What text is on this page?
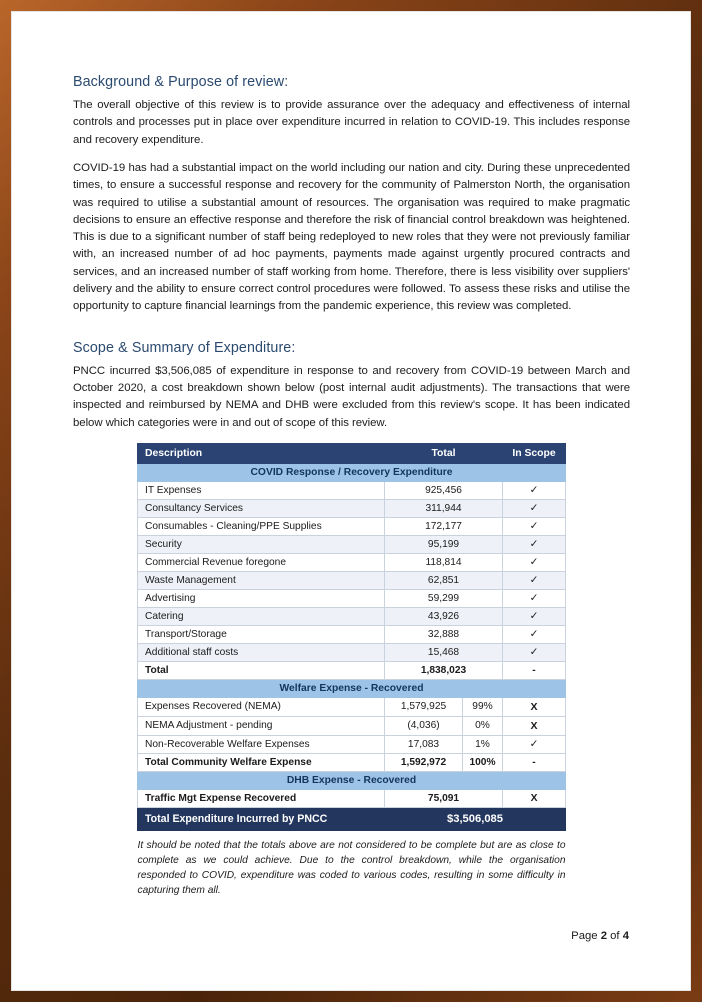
Background & Purpose of review:

The overall objective of this review is to provide assurance over the adequacy and effectiveness of internal controls and processes put in place over expenditure incurred in relation to COVID-19. This includes response and recovery expenditure.

COVID-19 has had a substantial impact on the world including our nation and city. During these unprecedented times, to ensure a successful response and recovery for the community of Palmerston North, the organisation was required to utilise a substantial amount of resources. The organisation was required to make pragmatic decisions to ensure an effective response and therefore the risk of financial control breakdown was heightened. This is due to a significant number of staff being redeployed to new roles that they were not previously familiar with, an increased number of ad hoc payments, payments made against urgently procured contracts and services, and an increased number of staff working from home. Therefore, there is less visibility over suppliers' delivery and the ability to ensure correct control procedures were followed. To assess these risks and utilise the opportunity to capture financial learnings from the pandemic experience, this review was completed.

Scope & Summary of Expenditure:

PNCC incurred $3,506,085 of expenditure in response to and recovery from COVID-19 between March and October 2020, a cost breakdown shown below (post internal audit adjustments). The transactions that were inspected and reimbursed by NEMA and DHB were excluded from this review's scope. It has been indicated below which categories were in and out of scope of this review.

Description	Total		In Scope
COVID Response / Recovery Expenditure			
IT Expenses	925,456		✓
Consultancy Services	311,944		✓
Consumables - Cleaning/PPE Supplies	172,177		✓
Security	95,199		✓
Commercial Revenue foregone	118,814		✓
Waste Management	62,851		✓
Advertising	59,299		✓
Catering	43,926		✓
Transport/Storage	32,888		✓
Additional staff costs	15,468		✓
Total	1,838,023		-
Welfare Expense - Recovered			
Expenses Recovered (NEMA)	1,579,925	99%	X
NEMA Adjustment - pending	(4,036)	0%	X
Non-Recoverable Welfare Expenses	17,083	1%	✓
Total Community Welfare Expense	1,592,972	100%	-
DHB Expense - Recovered			
Traffic Mgt Expense Recovered	75,091		X
Total Expenditure Incurred by PNCC	$3,506,085		
It should be noted that the totals above are not considered to be complete but are as close to complete as we could achieve. Due to the control breakdown, while the organisation responded to COVID, expenditure was coded to various codes, resulting in some difficulty in capturing them all.
Page 2 of 4
